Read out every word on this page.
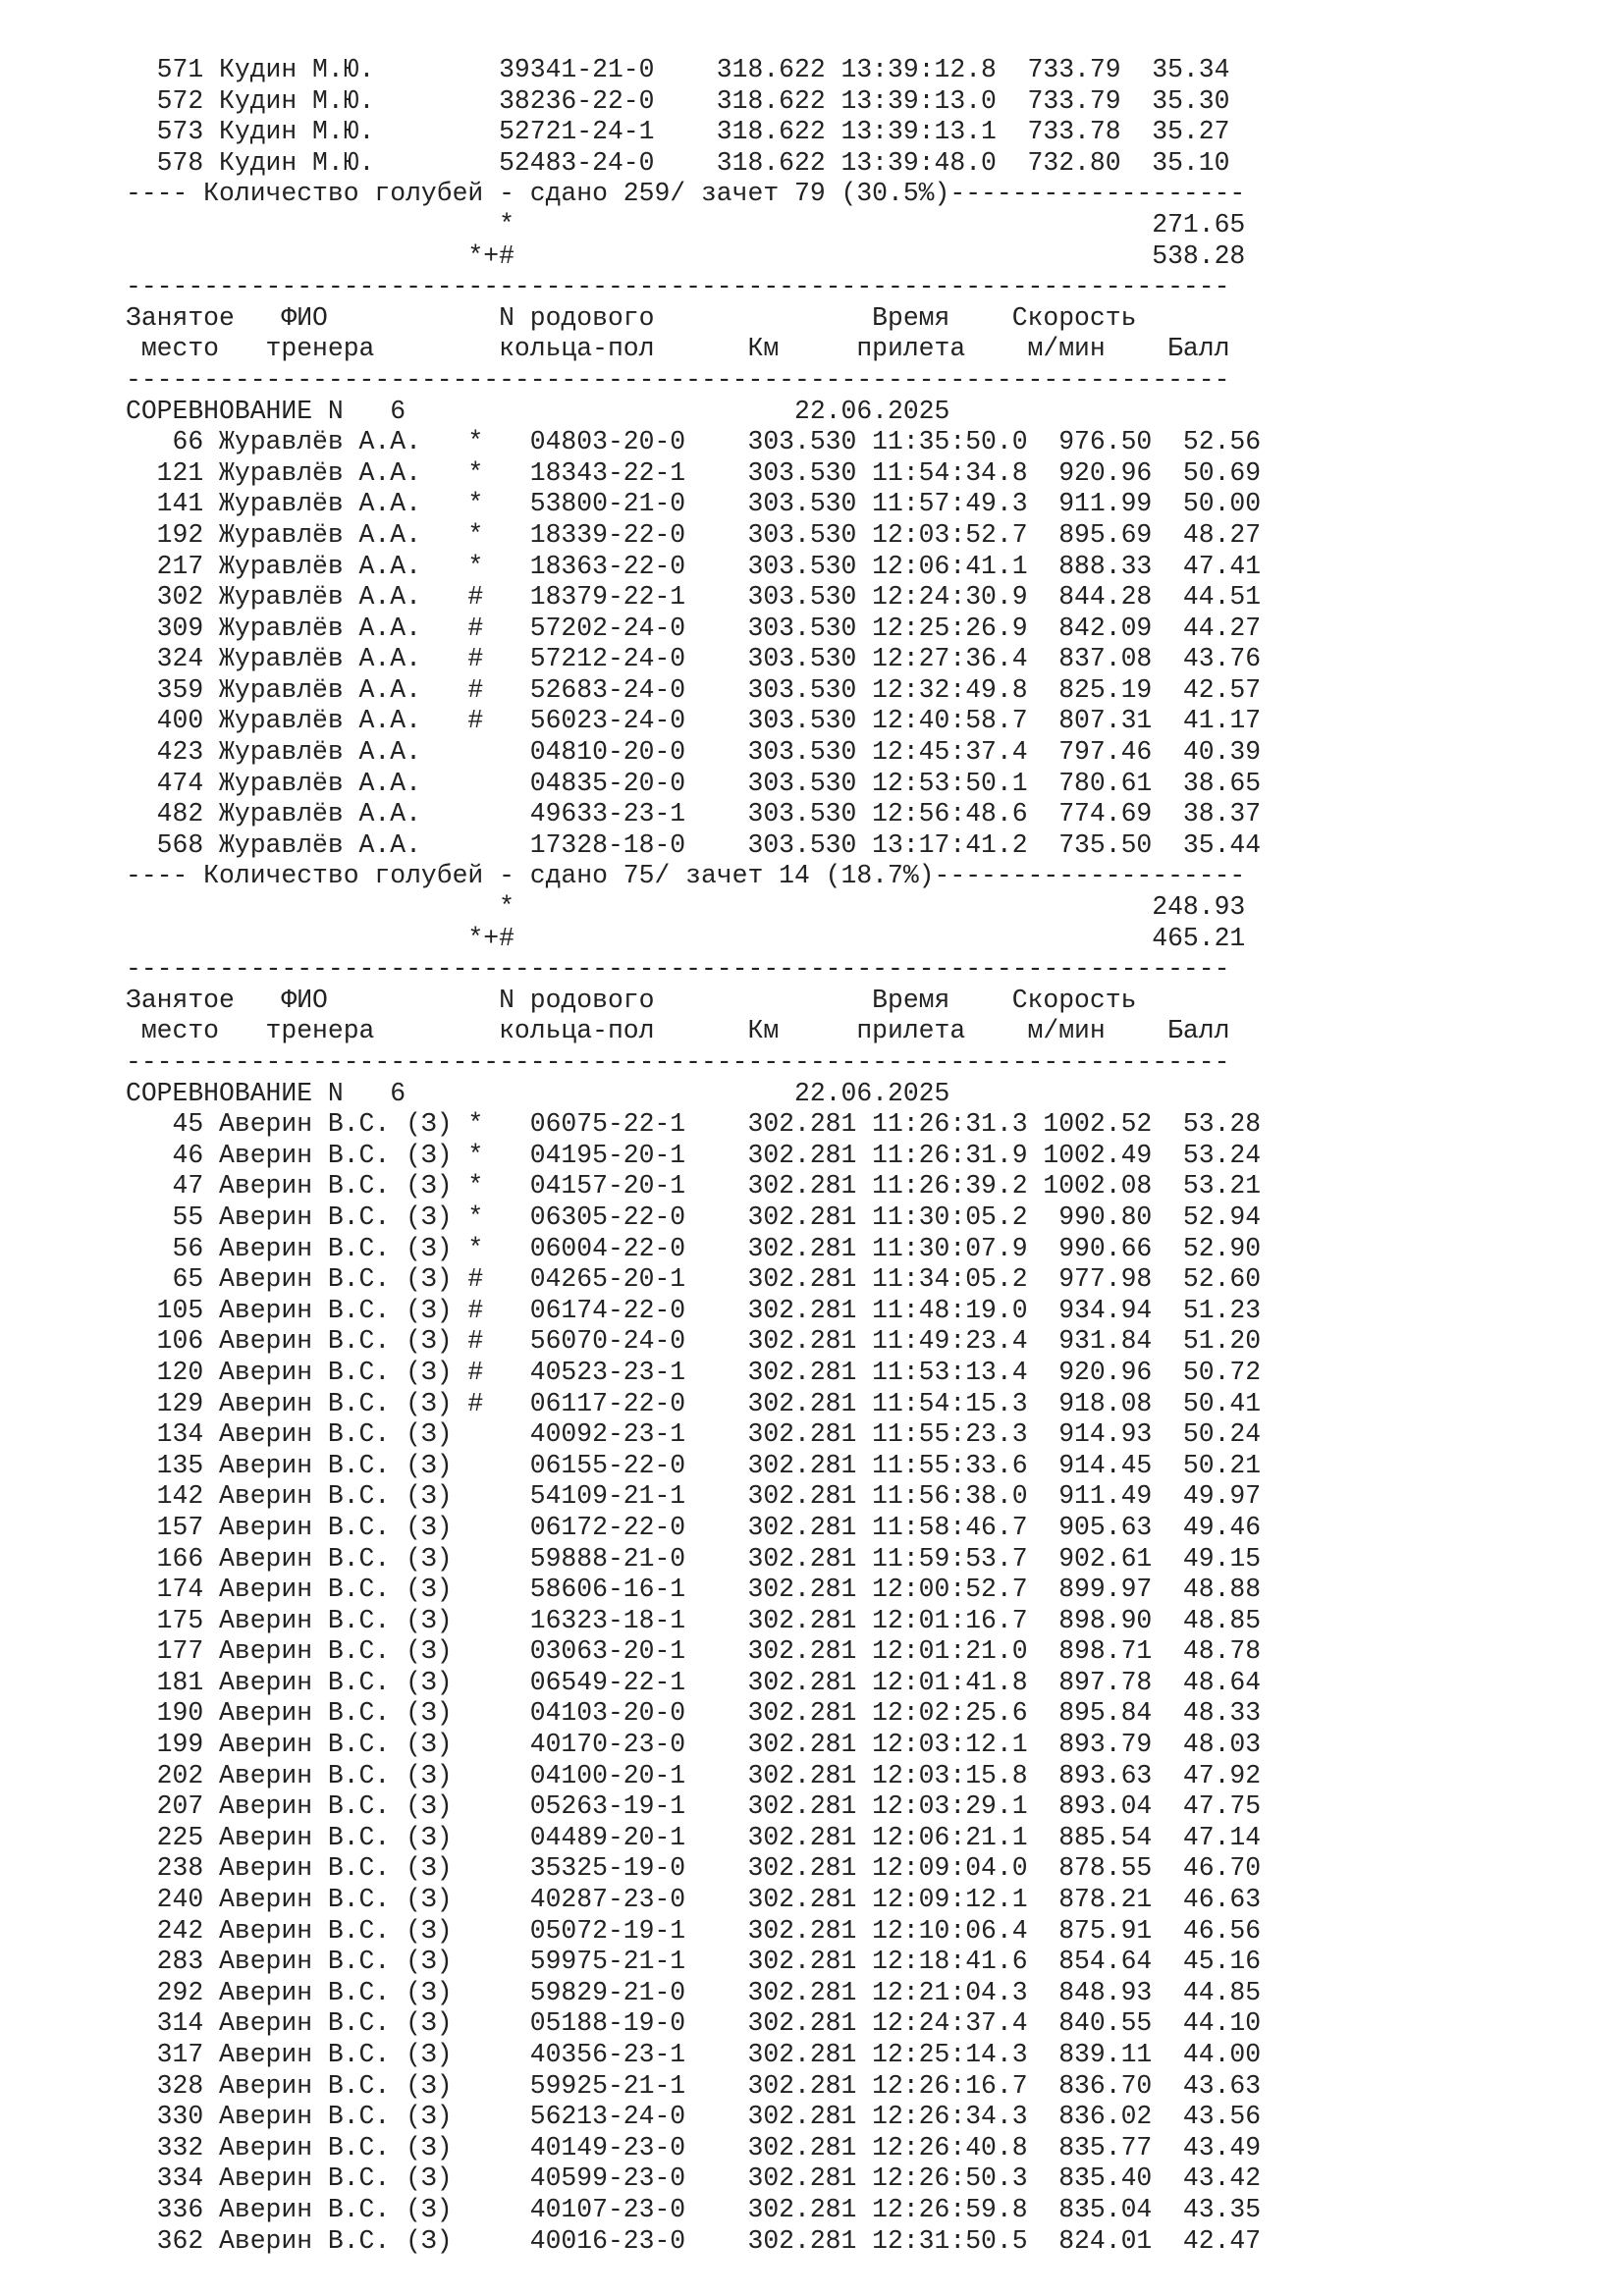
571 Кудин М.Ю.        39341-21-0    318.622 13:39:12.8  733.79  35.34
572 Кудин М.Ю.        38236-22-0    318.622 13:39:13.0  733.79  35.30
573 Кудин М.Ю.        52721-24-1    318.622 13:39:13.1  733.78  35.27
578 Кудин М.Ю.        52483-24-0    318.622 13:39:48.0  732.80  35.10
---- Количество голубей - сдано 259/ зачет 79 (30.5%)-------------------
*                                         271.65
*+#                                         538.28
-----------------------------------------------------------------------
Занятое   ФИО           N родового              Время    Скорость
место   тренера        кольца-пол      Км     прилета    м/мин    Балл
-----------------------------------------------------------------------
СОРЕВНОВАНИЕ N   6                         22.06.2025
66 Журавлёв А.А.   *   04803-20-0    303.530 11:35:50.0  976.50  52.56
121 Журавлёв А.А.   *   18343-22-1    303.530 11:54:34.8  920.96  50.69
141 Журавлёв А.А.   *   53800-21-0    303.530 11:57:49.3  911.99  50.00
192 Журавлёв А.А.   *   18339-22-0    303.530 12:03:52.7  895.69  48.27
217 Журавлёв А.А.   *   18363-22-0    303.530 12:06:41.1  888.33  47.41
302 Журавлёв А.А.   #   18379-22-1    303.530 12:24:30.9  844.28  44.51
309 Журавлёв А.А.   #   57202-24-0    303.530 12:25:26.9  842.09  44.27
324 Журавлёв А.А.   #   57212-24-0    303.530 12:27:36.4  837.08  43.76
359 Журавлёв А.А.   #   52683-24-0    303.530 12:32:49.8  825.19  42.57
400 Журавлёв А.А.   #   56023-24-0    303.530 12:40:58.7  807.31  41.17
423 Журавлёв А.А.       04810-20-0    303.530 12:45:37.4  797.46  40.39
474 Журавлёв А.А.       04835-20-0    303.530 12:53:50.1  780.61  38.65
482 Журавлёв А.А.       49633-23-1    303.530 12:56:48.6  774.69  38.37
568 Журавлёв А.А.       17328-18-0    303.530 13:17:41.2  735.50  35.44
---- Количество голубей - сдано 75/ зачет 14 (18.7%)--------------------
*                                         248.93
*+#                                         465.21
-----------------------------------------------------------------------
Занятое   ФИО           N родового              Время    Скорость
место   тренера        кольца-пол      Км     прилета    м/мин    Балл
-----------------------------------------------------------------------
СОРЕВНОВАНИЕ N   6                         22.06.2025
45 Аверин В.С. (З) *   06075-22-1    302.281 11:26:31.3 1002.52  53.28
46 Аверин В.С. (З) *   04195-20-1    302.281 11:26:31.9 1002.49  53.24
47 Аверин В.С. (З) *   04157-20-1    302.281 11:26:39.2 1002.08  53.21
55 Аверин В.С. (З) *   06305-22-0    302.281 11:30:05.2  990.80  52.94
56 Аверин В.С. (З) *   06004-22-0    302.281 11:30:07.9  990.66  52.90
65 Аверин В.С. (З) #   04265-20-1    302.281 11:34:05.2  977.98  52.60
105 Аверин В.С. (З) #   06174-22-0    302.281 11:48:19.0  934.94  51.23
106 Аверин В.С. (З) #   56070-24-0    302.281 11:49:23.4  931.84  51.20
120 Аверин В.С. (З) #   40523-23-1    302.281 11:53:13.4  920.96  50.72
129 Аверин В.С. (З) #   06117-22-0    302.281 11:54:15.3  918.08  50.41
134 Аверин В.С. (З)     40092-23-1    302.281 11:55:23.3  914.93  50.24
135 Аверин В.С. (З)     06155-22-0    302.281 11:55:33.6  914.45  50.21
142 Аверин В.С. (З)     54109-21-1    302.281 11:56:38.0  911.49  49.97
157 Аверин В.С. (З)     06172-22-0    302.281 11:58:46.7  905.63  49.46
166 Аверин В.С. (З)     59888-21-0    302.281 11:59:53.7  902.61  49.15
174 Аверин В.С. (З)     58606-16-1    302.281 12:00:52.7  899.97  48.88
175 Аверин В.С. (З)     16323-18-1    302.281 12:01:16.7  898.90  48.85
177 Аверин В.С. (З)     03063-20-1    302.281 12:01:21.0  898.71  48.78
181 Аверин В.С. (З)     06549-22-1    302.281 12:01:41.8  897.78  48.64
190 Аверин В.С. (З)     04103-20-0    302.281 12:02:25.6  895.84  48.33
199 Аверин В.С. (З)     40170-23-0    302.281 12:03:12.1  893.79  48.03
202 Аверин В.С. (З)     04100-20-1    302.281 12:03:15.8  893.63  47.92
207 Аверин В.С. (З)     05263-19-1    302.281 12:03:29.1  893.04  47.75
225 Аверин В.С. (З)     04489-20-1    302.281 12:06:21.1  885.54  47.14
238 Аверин В.С. (З)     35325-19-0    302.281 12:09:04.0  878.55  46.70
240 Аверин В.С. (З)     40287-23-0    302.281 12:09:12.1  878.21  46.63
242 Аверин В.С. (З)     05072-19-1    302.281 12:10:06.4  875.91  46.56
283 Аверин В.С. (З)     59975-21-1    302.281 12:18:41.6  854.64  45.16
292 Аверин В.С. (З)     59829-21-0    302.281 12:21:04.3  848.93  44.85
314 Аверин В.С. (З)     05188-19-0    302.281 12:24:37.4  840.55  44.10
317 Аверин В.С. (З)     40356-23-1    302.281 12:25:14.3  839.11  44.00
328 Аверин В.С. (З)     59925-21-1    302.281 12:26:16.7  836.70  43.63
330 Аверин В.С. (З)     56213-24-0    302.281 12:26:34.3  836.02  43.56
332 Аверин В.С. (З)     40149-23-0    302.281 12:26:40.8  835.77  43.49
334 Аверин В.С. (З)     40599-23-0    302.281 12:26:50.3  835.40  43.42
336 Аверин В.С. (З)     40107-23-0    302.281 12:26:59.8  835.04  43.35
362 Аверин В.С. (З)     40016-23-0    302.281 12:31:50.5  824.01  42.47
